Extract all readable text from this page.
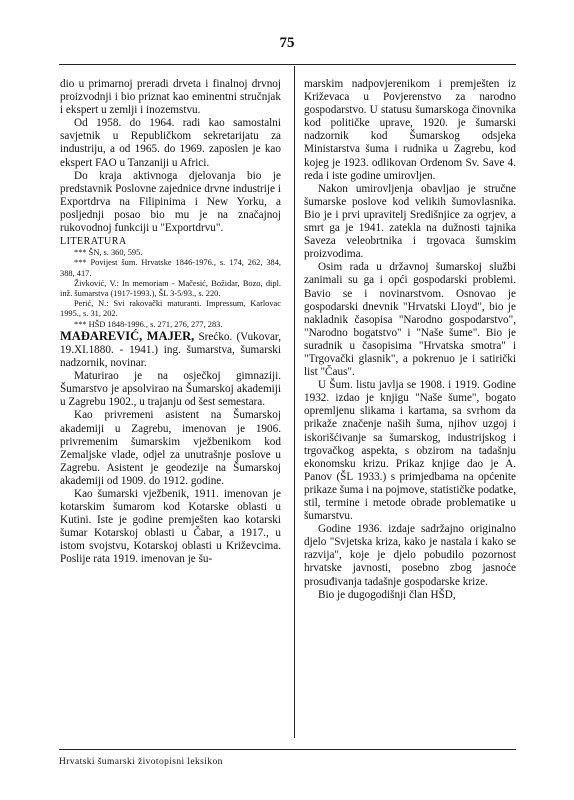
75

dio u primarnoj preradi drveta i finalnoj drvnoj proizvodnji i bio priznat kao eminentni stručnjak i ekspert u zemlji i inozemstvu.

Od 1958. do 1964. radi kao samostalni savjetnik u Republičkom sekretarijatu za industriju, a od 1965. do 1969. zaposlen je kao ekspert FAO u Tanzaniji u Africi.

Do kraja aktivnoga djelovanja bio je predstavnik Poslovne zajednice drvne industrije i Exportdrva na Filipinima i New Yorku, a posljednji posao bio mu je na značajnoj rukovodnoj funkciji u "Exportdrvu".

LITERATURA

*** ŠN, s. 360, 595.

*** Povijest šum. Hrvatske 1846-1976., s. 174, 262, 384, 388, 417.

Živković, V.: In memoriam - Mačesić, Božidar, Bozo, dipl. inž. šumarstva (1917-1993.), ŠL 3-5/93., s. 220.

Perić, N.: Svi rakovački maturanti. Impressum, Karlovac 1995., s. 31, 202.

*** HŠD 1848-1996., s. 271, 276, 277, 283.

MAĐAREVIĆ, MAJER, Srećko. (Vukovar, 19.XI.1880. - 1941.) ing. šumarstva, šumarski nadzornik, novinar.

Maturirao je na osječkoj gimnaziji. Šumarstvo je apsolvirao na Šumarskoj akademiji u Zagrebu 1902., u trajanju od šest semestara.

Kao privremeni asistent na Šumarskoj akademiji u Zagrebu, imenovan je 1906. privremenim šumarskim vježbenikom kod Zemaljske vlade, odjel za unutrašnje poslove u Zagrebu. Asistent je geodezije na Šumarskoj akademiji od 1909. do 1912. godine.

Kao šumarski vježbenik, 1911. imenovan je kotarskim šumarom kod Kotarske oblasti u Kutini. Iste je godine premješten kao kotarski šumar Kotarskoj oblasti u Čabar, a 1917., u istom svojstvu, Kotarskoj oblasti u Križevcima. Poslije rata 1919. imenovan je šu-

marskim nadpovjerenikom i premješten iz Križevaca u Povjerenstvo za narodno gospodarstvo. U statusu šumarskoga činovnika kod političke uprave, 1920. je šumarski nadzornik kod Šumarskog odsjeka Ministarstva šuma i rudnika u Zagrebu, kod kojeg je 1923. odlikovan Ordenom Sv. Save 4. reda i iste godine umirovljen.

Nakon umirovljenja obavljao je stručne šumarske poslove kod velikih šumovlasnika. Bio je i prvi upravitelj Središnjice za ogrjev, a smrt ga je 1941. zatekla na dužnosti tajnika Saveza veleobrtnika i trgovaca šumskim proizvodima.

Osim rada u državnoj šumarskoj službi zanimali su ga i opći gospodarski problemi. Bavio se i novinarstvom. Osnovao je gospodarski dnevnik "Hrvatski Lloyd", bio je nakladnik časopisa "Narodno gospodarstvo", "Narodno bogatstvo" i "Naše šume". Bio je suradnik u časopisima "Hrvatska smotra" i "Trgovački glasnik", a pokrenuo je i satirički list "Čaus".

U Šum. listu javlja se 1908. i 1919. Godine 1932. izdao je knjigu "Naše šume", bogato opremljenu slikama i kartama, sa svrhom da prikaže značenje naših šuma, njihov uzgoj i iskorišćivanje sa šumarskog, industrijskog i trgovačkog aspekta, s obzirom na tadašnju ekonomsku krizu. Prikaz knjige dao je A. Panov (ŠL 1933.) s primjedbama na općenite prikaze šuma i na pojmove, statističke podatke, stil, termine i metode obrade problematike u šumarstvu.

Godine 1936. izdaje sadržajno originalno djelo "Svjetska kriza, kako je nastala i kako se razvija", koje je djelo pobudilo pozornost hrvatske javnosti, posebno zbog jasnoće prosuđivanja tadašnje gospodarske krize.

Bio je dugogodišnji član HŠD,

Hrvatski šumarski životopisni leksikon
